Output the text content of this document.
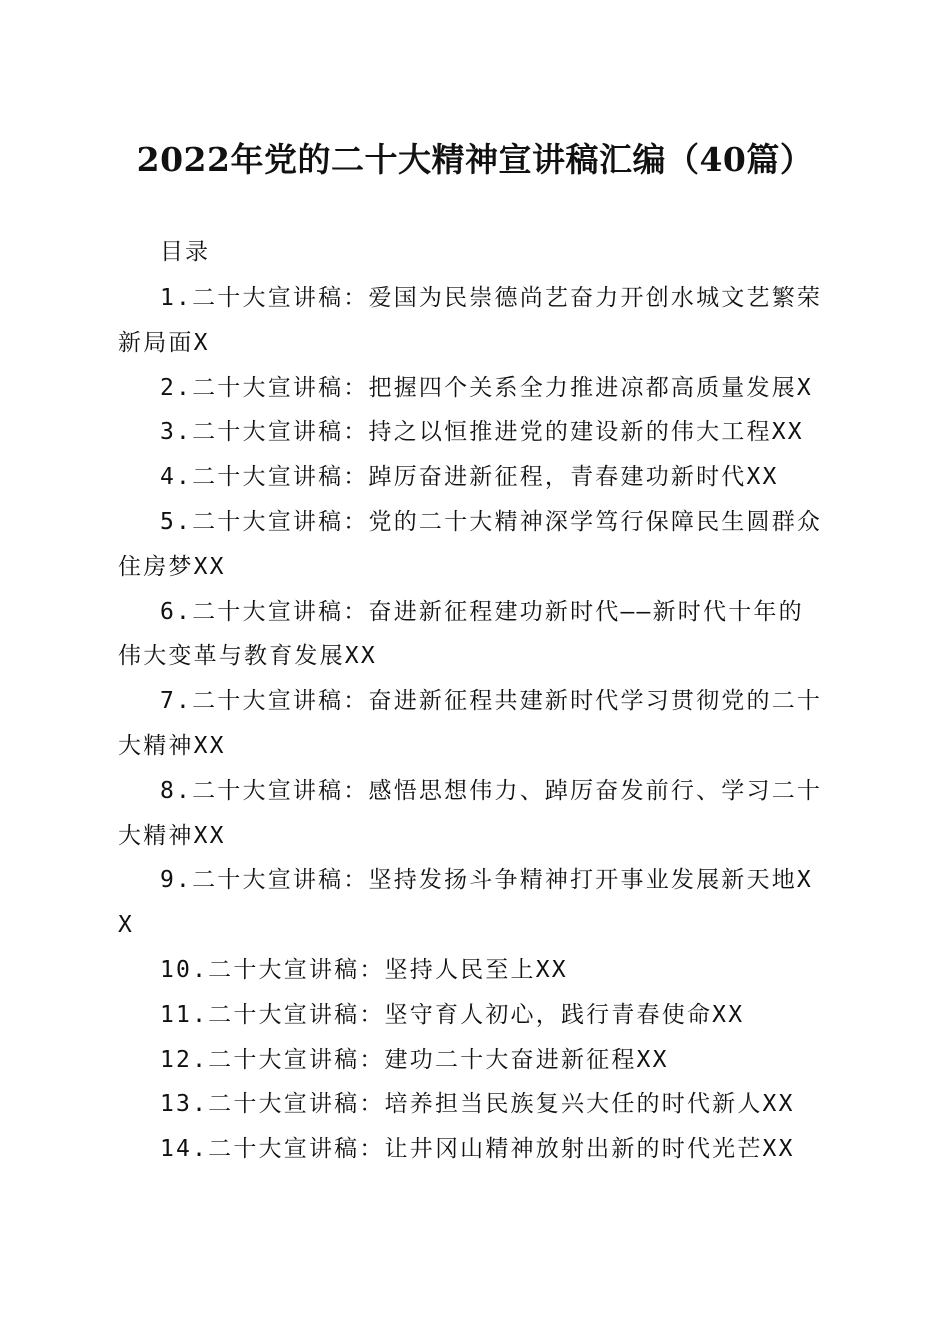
2022年党的二十大精神宣讲稿汇编（40篇）
目录
1.二十大宣讲稿：爱国为民崇德尚艺奋力开创水城文艺繁荣新局面X
2.二十大宣讲稿：把握四个关系全力推进凉都高质量发展X
3.二十大宣讲稿：持之以恒推进党的建设新的伟大工程XX
4.二十大宣讲稿：踔厉奋进新征程，青春建功新时代XX
5.二十大宣讲稿：党的二十大精神深学笃行保障民生圆群众住房梦XX
6.二十大宣讲稿：奋进新征程建功新时代——新时代十年的伟大变革与教育发展XX
7.二十大宣讲稿：奋进新征程共建新时代学习贯彻党的二十大精神XX
8.二十大宣讲稿：感悟思想伟力、踔厉奋发前行、学习二十大精神XX
9.二十大宣讲稿：坚持发扬斗争精神打开事业发展新天地XX
10.二十大宣讲稿：坚持人民至上XX
11.二十大宣讲稿：坚守育人初心，践行青春使命XX
12.二十大宣讲稿：建功二十大奋进新征程XX
13.二十大宣讲稿：培养担当民族复兴大任的时代新人XX
14.二十大宣讲稿：让井冈山精神放射出新的时代光芒XX
